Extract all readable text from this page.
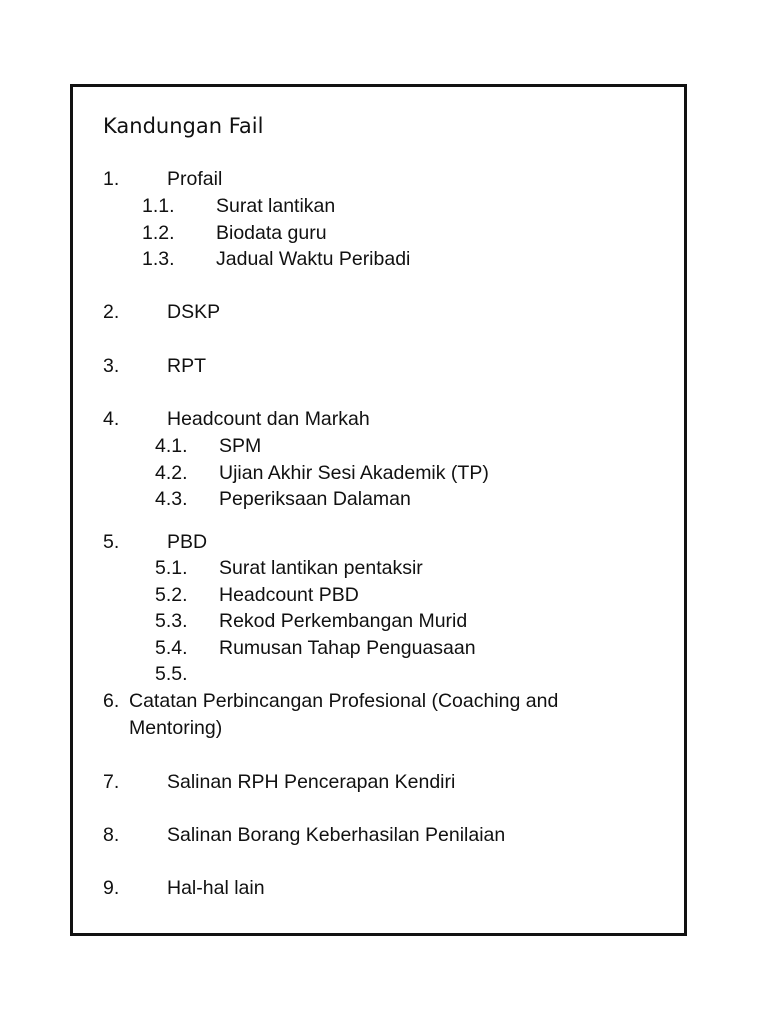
Kandungan Fail
1. Profail
1.1. Surat lantikan
1.2. Biodata guru
1.3. Jadual Waktu Peribadi
2. DSKP
3. RPT
4. Headcount dan Markah
4.1. SPM
4.2. Ujian Akhir Sesi Akademik (TP)
4.3. Peperiksaan Dalaman
5. PBD
5.1. Surat lantikan pentaksir
5.2. Headcount PBD
5.3. Rekod Perkembangan Murid
5.4. Rumusan Tahap Penguasaan
5.5.
6. Catatan Perbincangan Profesional (Coaching and
Mentoring)
7. Salinan RPH Pencerapan Kendiri
8. Salinan Borang Keberhasilan Penilaian
9. Hal-hal lain
